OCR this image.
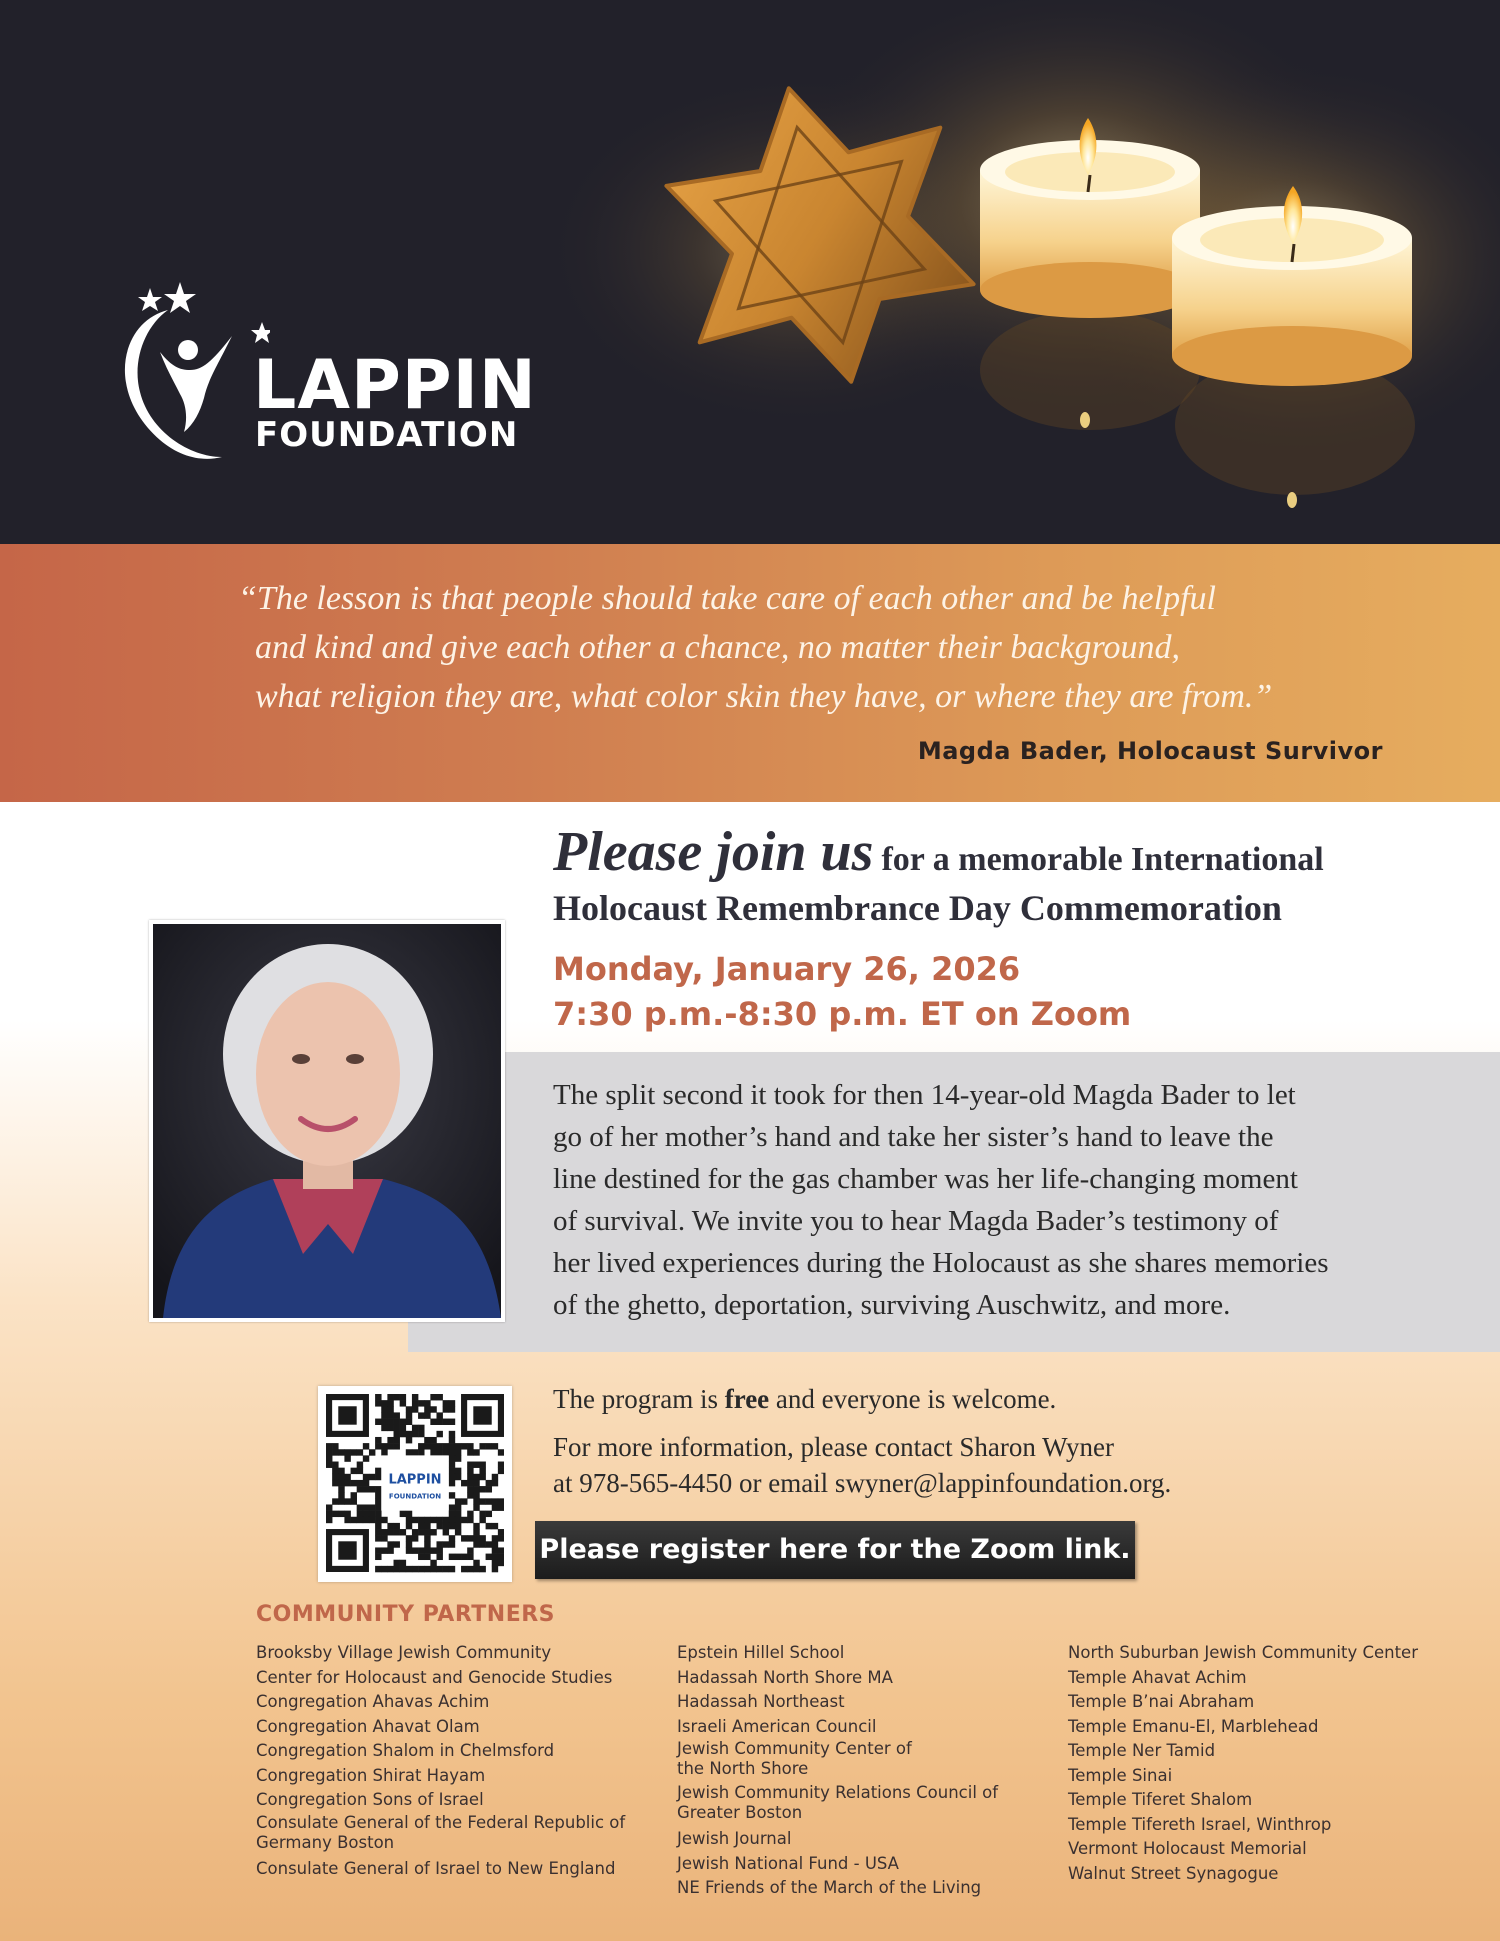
LAPPIN
FOUNDATION
“The lesson is that people should take care of each other and be helpful
and kind and give each other a chance, no matter their background,
what religion they are, what color skin they have, or where they are from.”
Magda Bader, Holocaust Survivor
Please join us for a memorable International
Holocaust Remembrance Day Commemoration
Monday, January 26, 2026
7:30 p.m.-8:30 p.m. ET on Zoom
The split second it took for then 14-year-old Magda Bader to let
go of her mother’s hand and take her sister’s hand to leave the
line destined for the gas chamber was her life-changing moment
of survival. We invite you to hear Magda Bader’s testimony of
her lived experiences during the Holocaust as she shares memories
of the ghetto, deportation, surviving Auschwitz, and more.
LAPPIN
FOUNDATION
The program is free and everyone is welcome.
For more information, please contact Sharon Wyner
at 978-565-4450 or email swyner@lappinfoundation.org.
Please register here for the Zoom link.
COMMUNITY PARTNERS
Brooksby Village Jewish Community
Center for Holocaust and Genocide Studies
Congregation Ahavas Achim
Congregation Ahavat Olam
Congregation Shalom in Chelmsford
Congregation Shirat Hayam
Congregation Sons of Israel
Consulate General of the Federal Republic of Germany Boston
Consulate General of Israel to New England
Epstein Hillel School
Hadassah North Shore MA
Hadassah Northeast
Israeli American Council
Jewish Community Center of the North Shore
Jewish Community Relations Council of Greater Boston
Jewish Journal
Jewish National Fund - USA
NE Friends of the March of the Living
North Suburban Jewish Community Center
Temple Ahavat Achim
Temple B’nai Abraham
Temple Emanu-El, Marblehead
Temple Ner Tamid
Temple Sinai
Temple Tiferet Shalom
Temple Tifereth Israel, Winthrop
Vermont Holocaust Memorial
Walnut Street Synagogue
